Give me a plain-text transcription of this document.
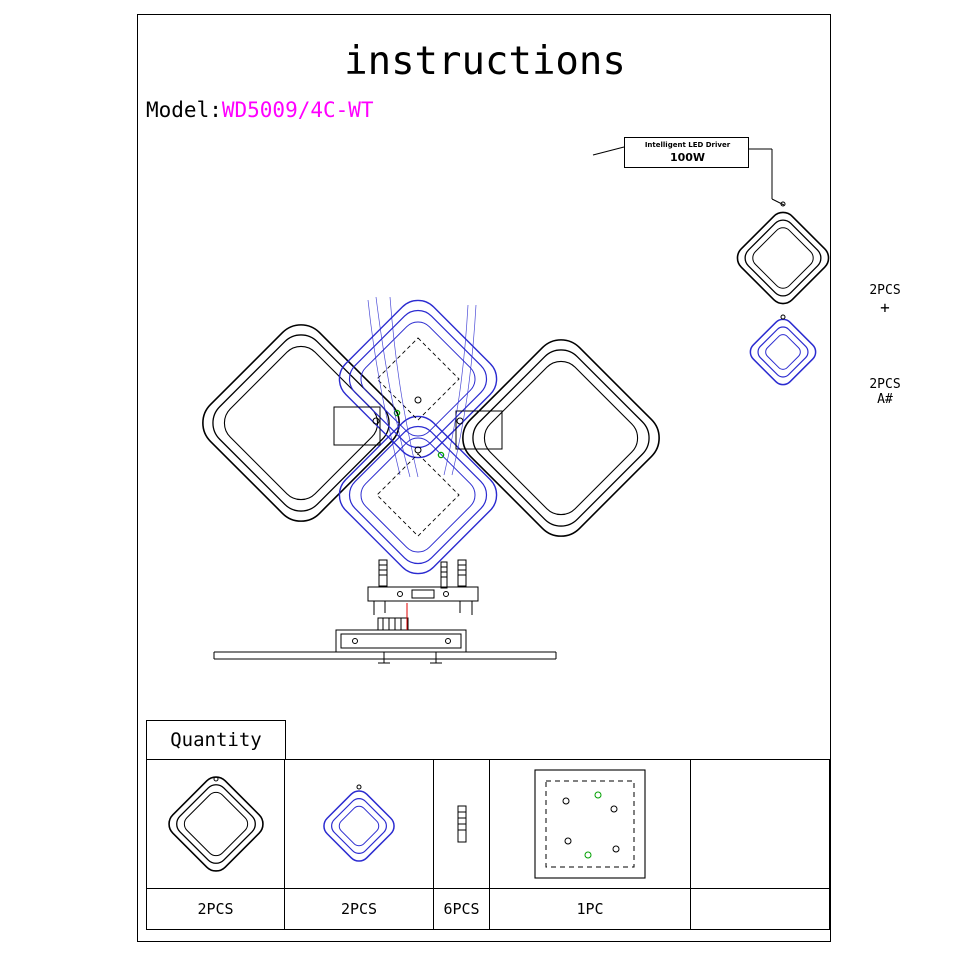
instructions
Model:WD5009/4C-WT
Intelligent LED Driver
100W
2PCS
+
2PCS
A#
Quantity

2PCS	2PCS	6PCS	1PC	
